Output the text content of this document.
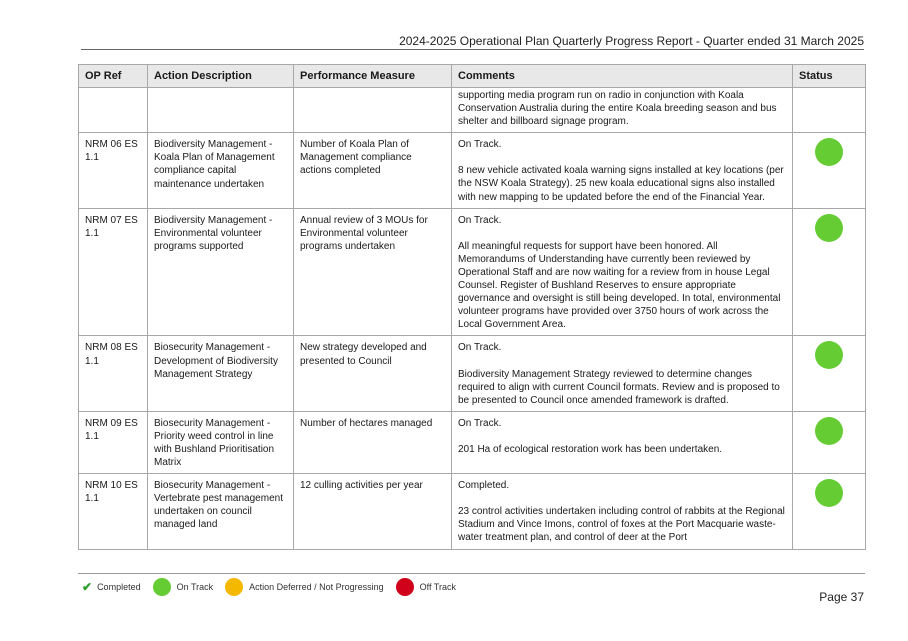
2024-2025 Operational Plan Quarterly Progress Report - Quarter ended 31 March 2025
OP Ref	Action Description	Performance Measure	Comments	Status
			supporting media program run on radio in conjunction with Koala Conservation Australia during the entire Koala breeding season and bus shelter and billboard signage program.	
NRM 06 ES 1.1	Biodiversity Management - Koala Plan of Management compliance capital maintenance undertaken	Number of Koala Plan of Management compliance actions completed	On Track.
8 new vehicle activated koala warning signs installed at key locations (per the NSW Koala Strategy). 25 new koala educational signs also installed with new mapping to be updated before the end of the Financial Year.	
NRM 07 ES 1.1	Biodiversity Management - Environmental volunteer programs supported	Annual review of 3 MOUs for Environmental volunteer programs undertaken	On Track.
All meaningful requests for support have been honored. All Memorandums of Understanding have currently been reviewed by Operational Staff and are now waiting for a review from in house Legal Counsel. Register of Bushland Reserves to ensure appropriate governance and oversight is still being developed. In total, environmental volunteer programs have provided over 3750 hours of work across the Local Government Area.	
NRM 08 ES 1.1	Biosecurity Management - Development of Biodiversity Management Strategy	New strategy developed and presented to Council	On Track.
Biodiversity Management Strategy reviewed to determine changes required to align with current Council formats. Review and is proposed to be presented to Council once amended framework is drafted.	
NRM 09 ES 1.1	Biosecurity Management - Priority weed control in line with Bushland Prioritisation Matrix	Number of hectares managed	On Track.
201 Ha of ecological restoration work has been undertaken.	
NRM 10 ES 1.1	Biosecurity Management - Vertebrate pest management undertaken on council managed land	12 culling activities per year	Completed.
23 control activities undertaken including control of rabbits at the Regional Stadium and Vince Imons, control of foxes at the Port Macquarie waste-water treatment plan, and control of deer at the Port	
✔ Completed	On Track	Action Deferred / Not Progressing	Off Track
Page 37
